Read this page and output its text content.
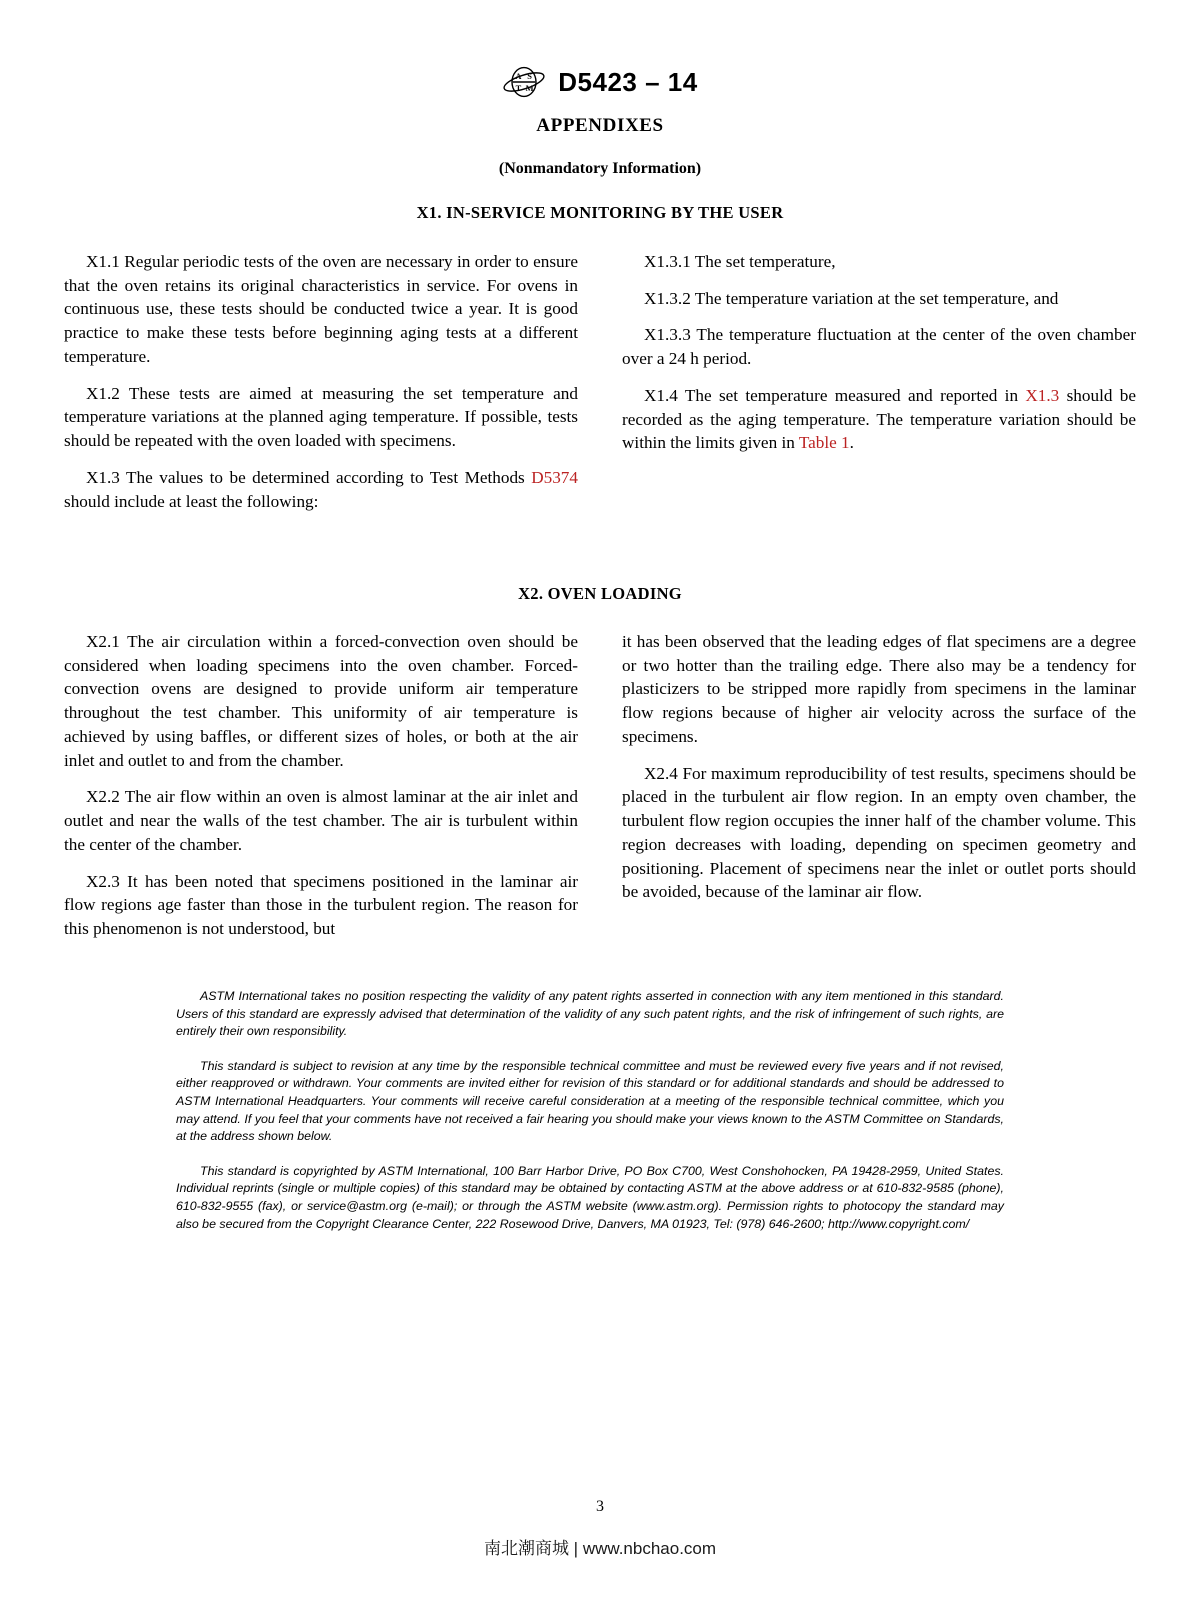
A S
T M D5423 – 14
APPENDIXES
(Nonmandatory Information)
X1. IN-SERVICE MONITORING BY THE USER

X1.1 Regular periodic tests of the oven are necessary in order to ensure that the oven retains its original characteristics in service. For ovens in continuous use, these tests should be conducted twice a year. It is good practice to make these tests before beginning aging tests at a different temperature.

X1.2 These tests are aimed at measuring the set temperature and temperature variations at the planned aging temperature. If possible, tests should be repeated with the oven loaded with specimens.

X1.3 The values to be determined according to Test Methods D5374 should include at least the following:

X1.3.1 The set temperature,

X1.3.2 The temperature variation at the set temperature, and

X1.3.3 The temperature fluctuation at the center of the oven chamber over a 24 h period.

X1.4 The set temperature measured and reported in X1.3 should be recorded as the aging temperature. The temperature variation should be within the limits given in Table 1.

X2. OVEN LOADING

X2.1 The air circulation within a forced-convection oven should be considered when loading specimens into the oven chamber. Forced-convection ovens are designed to provide uniform air temperature throughout the test chamber. This uniformity of air temperature is achieved by using baffles, or different sizes of holes, or both at the air inlet and outlet to and from the chamber.

X2.2 The air flow within an oven is almost laminar at the air inlet and outlet and near the walls of the test chamber. The air is turbulent within the center of the chamber.

X2.3 It has been noted that specimens positioned in the laminar air flow regions age faster than those in the turbulent region. The reason for this phenomenon is not understood, but

it has been observed that the leading edges of flat specimens are a degree or two hotter than the trailing edge. There also may be a tendency for plasticizers to be stripped more rapidly from specimens in the laminar flow regions because of higher air velocity across the surface of the specimens.

X2.4 For maximum reproducibility of test results, specimens should be placed in the turbulent air flow region. In an empty oven chamber, the turbulent flow region occupies the inner half of the chamber volume. This region decreases with loading, depending on specimen geometry and positioning. Placement of specimens near the inlet or outlet ports should be avoided, because of the laminar air flow.

ASTM International takes no position respecting the validity of any patent rights asserted in connection with any item mentioned in this standard. Users of this standard are expressly advised that determination of the validity of any such patent rights, and the risk of infringement of such rights, are entirely their own responsibility.

This standard is subject to revision at any time by the responsible technical committee and must be reviewed every five years and if not revised, either reapproved or withdrawn. Your comments are invited either for revision of this standard or for additional standards and should be addressed to ASTM International Headquarters. Your comments will receive careful consideration at a meeting of the responsible technical committee, which you may attend. If you feel that your comments have not received a fair hearing you should make your views known to the ASTM Committee on Standards, at the address shown below.

This standard is copyrighted by ASTM International, 100 Barr Harbor Drive, PO Box C700, West Conshohocken, PA 19428-2959, United States. Individual reprints (single or multiple copies) of this standard may be obtained by contacting ASTM at the above address or at 610-832-9585 (phone), 610-832-9555 (fax), or service@astm.org (e-mail); or through the ASTM website (www.astm.org). Permission rights to photocopy the standard may also be secured from the Copyright Clearance Center, 222 Rosewood Drive, Danvers, MA 01923, Tel: (978) 646-2600; http://www.copyright.com/

3
南北潮商城 | www.nbchao.com
